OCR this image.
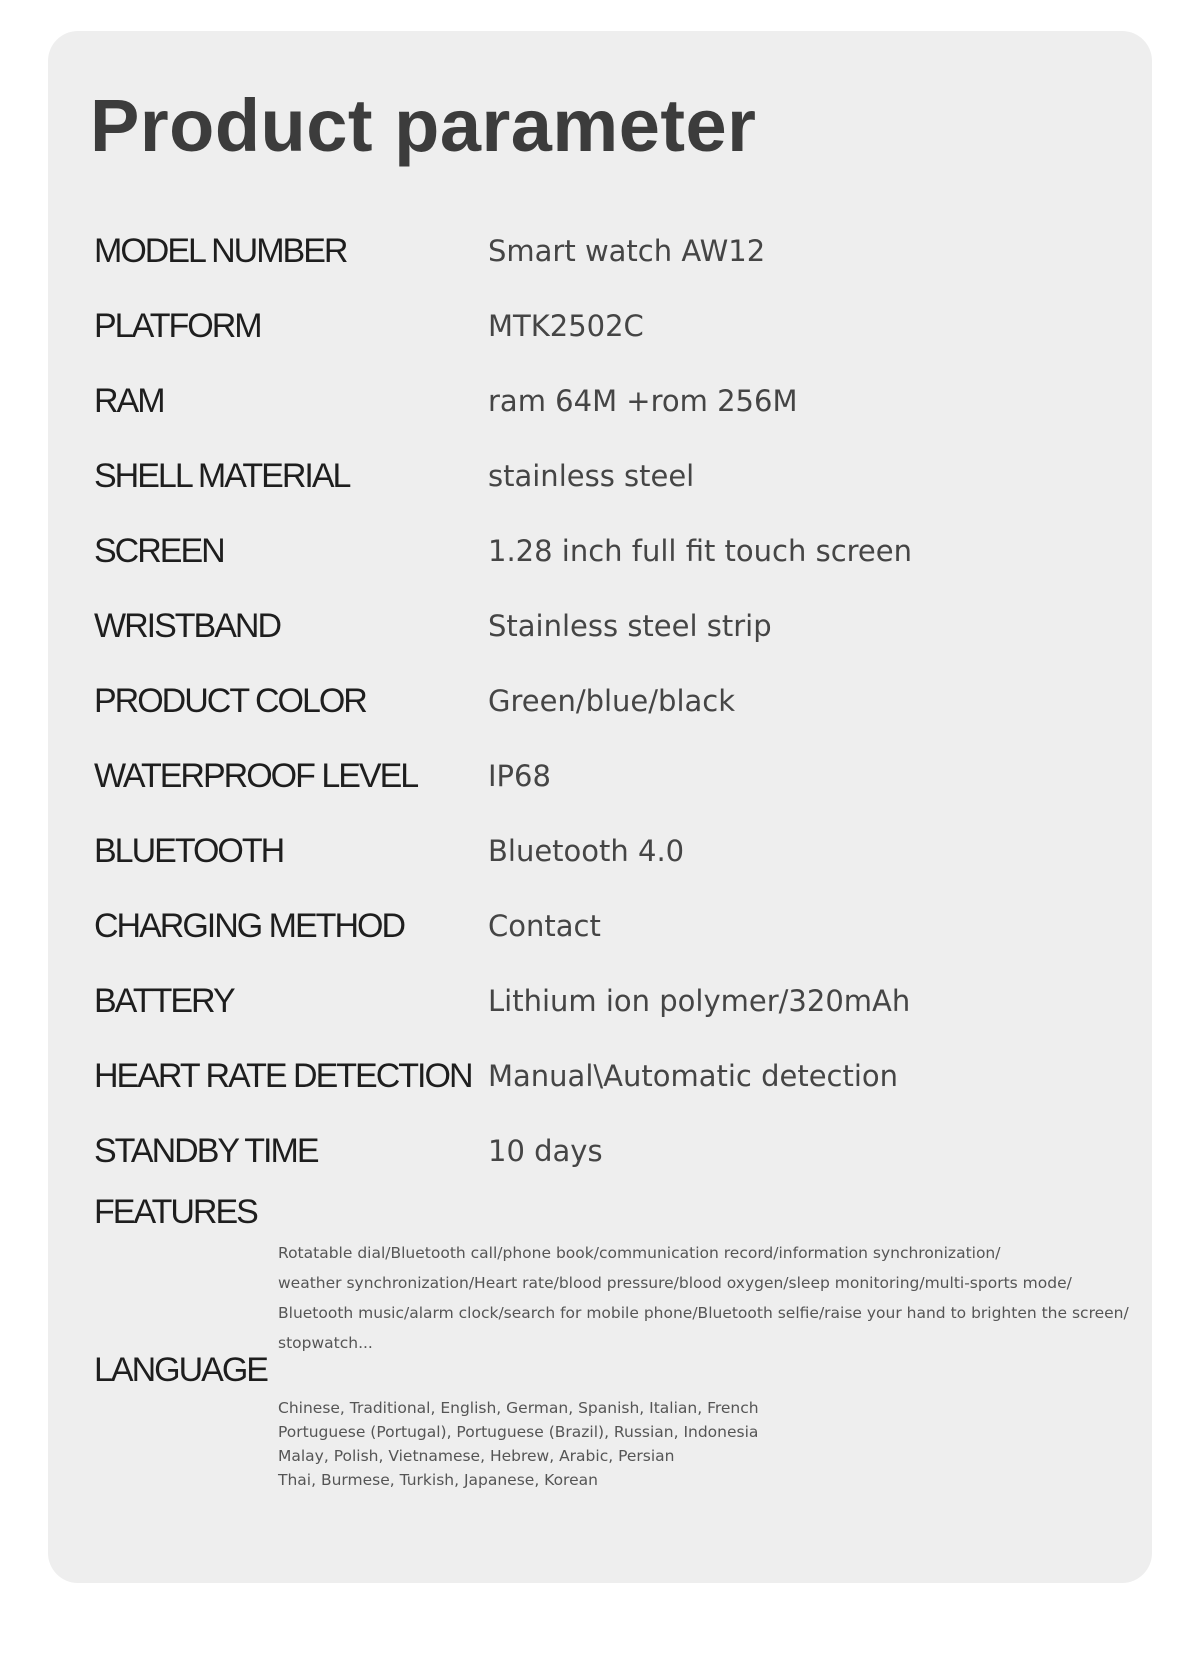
Product parameter
MODEL NUMBER	Smart watch AW12
PLATFORM	MTK2502C
RAM	ram 64M +rom 256M
SHELL MATERIAL	stainless steel
SCREEN	1.28 inch full fit touch screen
WRISTBAND	Stainless steel strip
PRODUCT COLOR	Green/blue/black
WATERPROOF LEVEL IP68
BLUETOOTH	Bluetooth 4.0
CHARGING METHOD	Contact
BATTERY	Lithium ion polymer/320mAh
HEART RATE DETECTION Manual\Automatic detection
STANDBY TIME	10 days
FEATURES
Rotatable dial/Bluetooth call/phone book/communication record/information synchronization/
weather synchronization/Heart rate/blood pressure/blood oxygen/sleep monitoring/multi-sports mode/
Bluetooth music/alarm clock/search for mobile phone/Bluetooth selfie/raise your hand to brighten the screen/
stopwatch...
LANGUAGE
Chinese, Traditional, English, German, Spanish, Italian, French
Portuguese (Portugal), Portuguese (Brazil), Russian, Indonesia
Malay, Polish, Vietnamese, Hebrew, Arabic, Persian
Thai, Burmese, Turkish, Japanese, Korean
